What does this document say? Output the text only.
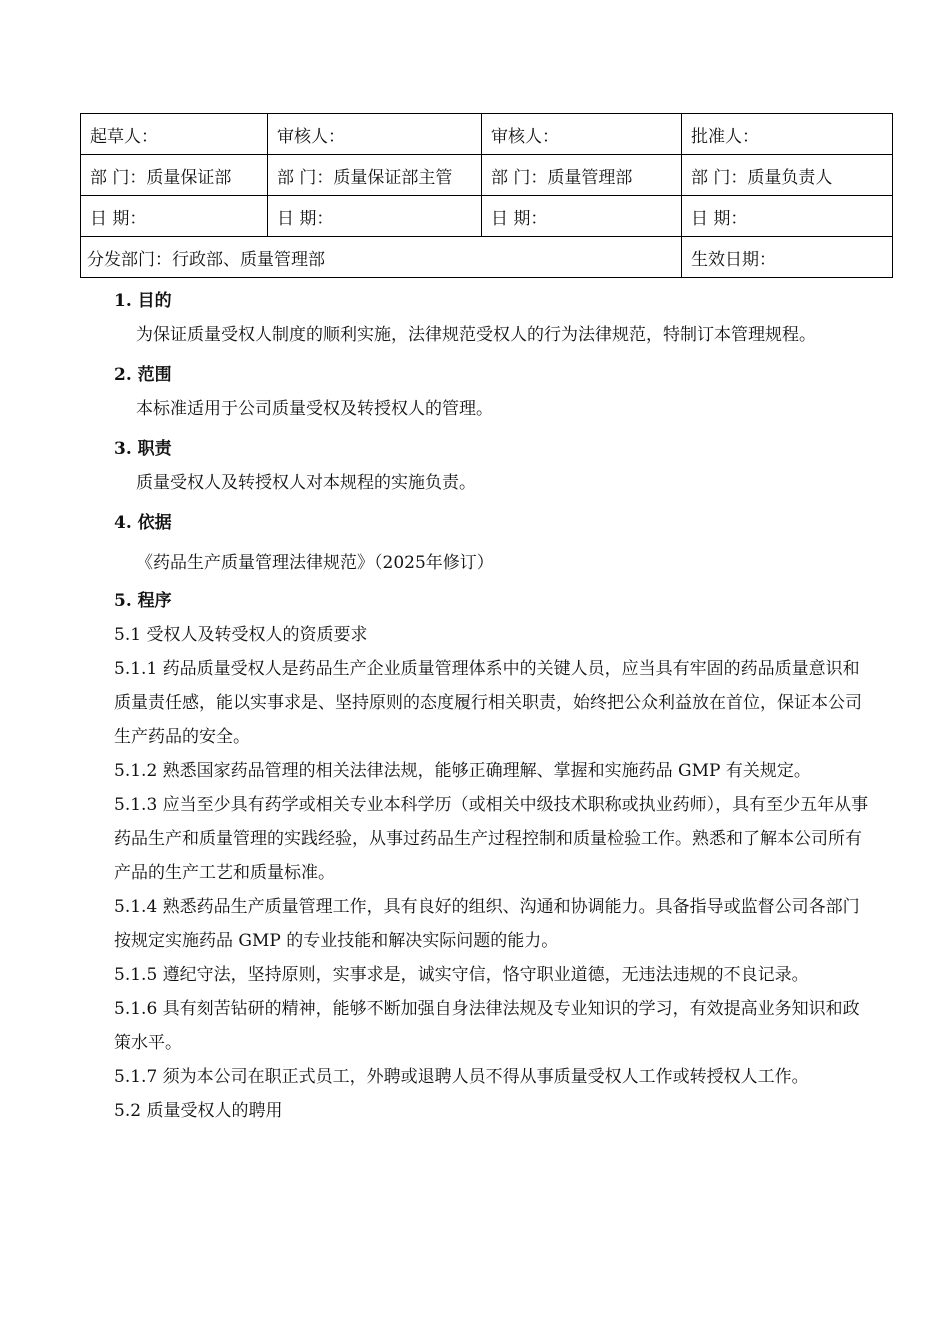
起草人：	审核人：	审核人：	批准人：
部 门：质量保证部	部 门：质量保证部主管	部 门：质量管理部	部 门：质量负责人
日 期：	日 期：	日 期：	日 期：
分发部门：行政部、质量管理部			生效日期：
1. 目的
为保证质量受权人制度的顺利实施，法律规范受权人的行为法律规范，特制订本管理规程。
2. 范围
本标准适用于公司质量受权及转授权人的管理。
3. 职责
质量受权人及转授权人对本规程的实施负责。
4. 依据
《药品生产质量管理法律规范》（2025年修订）
5. 程序
5.1 受权人及转受权人的资质要求
5.1.1 药品质量受权人是药品生产企业质量管理体系中的关键人员，应当具有牢固的药品质量意识和质量责任感，能以实事求是、坚持原则的态度履行相关职责，始终把公众利益放在首位，保证本公司生产药品的安全。
5.1.2 熟悉国家药品管理的相关法律法规，能够正确理解、掌握和实施药品 GMP 有关规定。
5.1.3 应当至少具有药学或相关专业本科学历（或相关中级技术职称或执业药师），具有至少五年从事药品生产和质量管理的实践经验，从事过药品生产过程控制和质量检验工作。熟悉和了解本公司所有产品的生产工艺和质量标准。
5.1.4 熟悉药品生产质量管理工作，具有良好的组织、沟通和协调能力。具备指导或监督公司各部门按规定实施药品 GMP 的专业技能和解决实际问题的能力。
5.1.5 遵纪守法，坚持原则，实事求是，诚实守信，恪守职业道德，无违法违规的不良记录。
5.1.6 具有刻苦钻研的精神，能够不断加强自身法律法规及专业知识的学习，有效提高业务知识和政策水平。
5.1.7 须为本公司在职正式员工，外聘或退聘人员不得从事质量受权人工作或转授权人工作。
5.2 质量受权人的聘用
